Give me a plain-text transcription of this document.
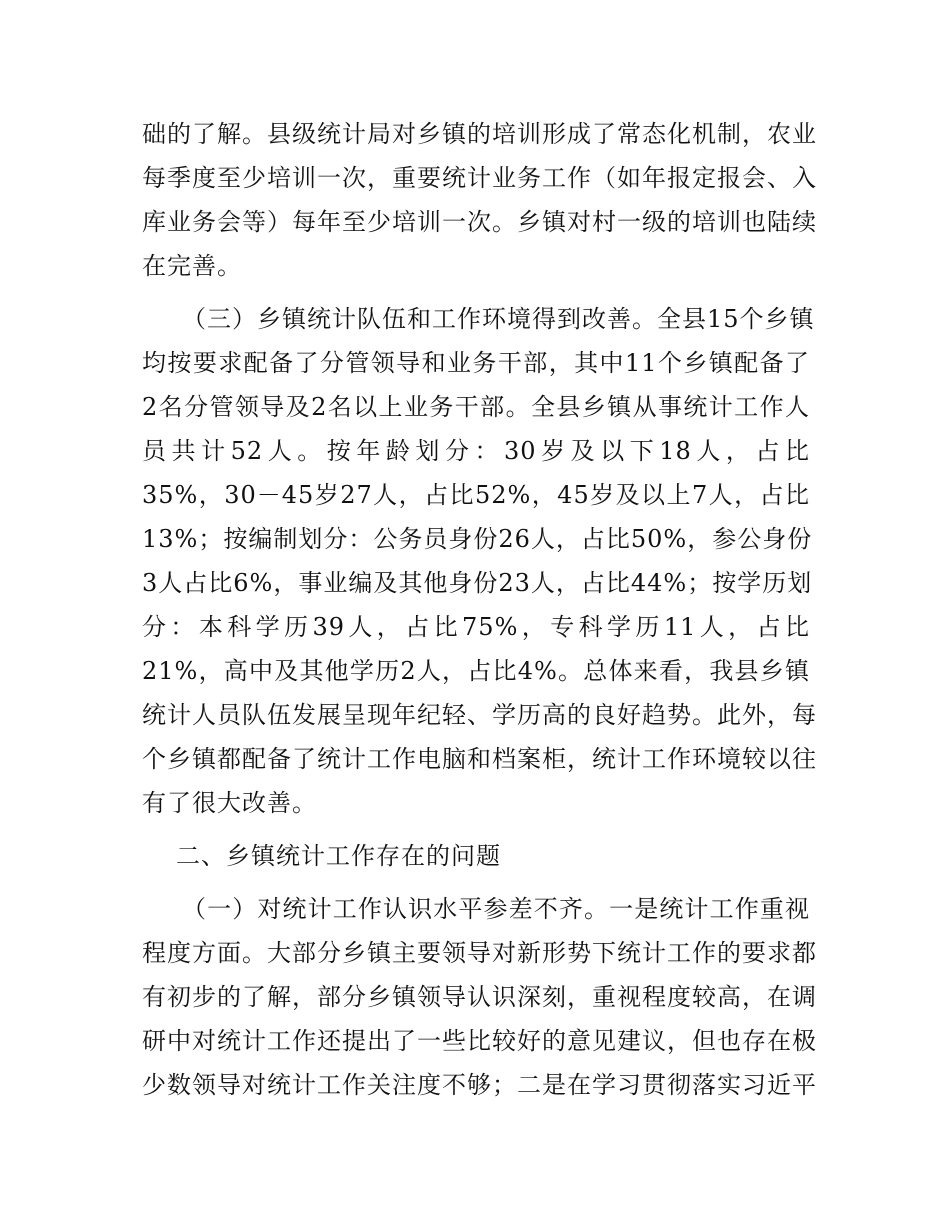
础的了解。县级统计局对乡镇的培训形成了常态化机制，农业
每季度至少培训一次，重要统计业务工作（如年报定报会、入
库业务会等）每年至少培训一次。乡镇对村一级的培训也陆续
在完善。
（三）乡镇统计队伍和工作环境得到改善。全县15个乡镇
均按要求配备了分管领导和业务干部，其中11个乡镇配备了
2名分管领导及2名以上业务干部。全县乡镇从事统计工作人
员共计52人。按年龄划分：30岁及以下18人，占比
35%，30－45岁27人，占比52%，45岁及以上7人，占比
13%；按编制划分：公务员身份26人，占比50%，参公身份
3人占比6%，事业编及其他身份23人，占比44%；按学历划
分：本科学历39人，占比75%，专科学历11人，占比
21%，高中及其他学历2人，占比4%。总体来看，我县乡镇
统计人员队伍发展呈现年纪轻、学历高的良好趋势。此外，每
个乡镇都配备了统计工作电脑和档案柜，统计工作环境较以往
有了很大改善。
二、乡镇统计工作存在的问题
（一）对统计工作认识水平参差不齐。一是统计工作重视
程度方面。大部分乡镇主要领导对新形势下统计工作的要求都
有初步的了解，部分乡镇领导认识深刻，重视程度较高，在调
研中对统计工作还提出了一些比较好的意见建议，但也存在极
少数领导对统计工作关注度不够；二是在学习贯彻落实习近平
